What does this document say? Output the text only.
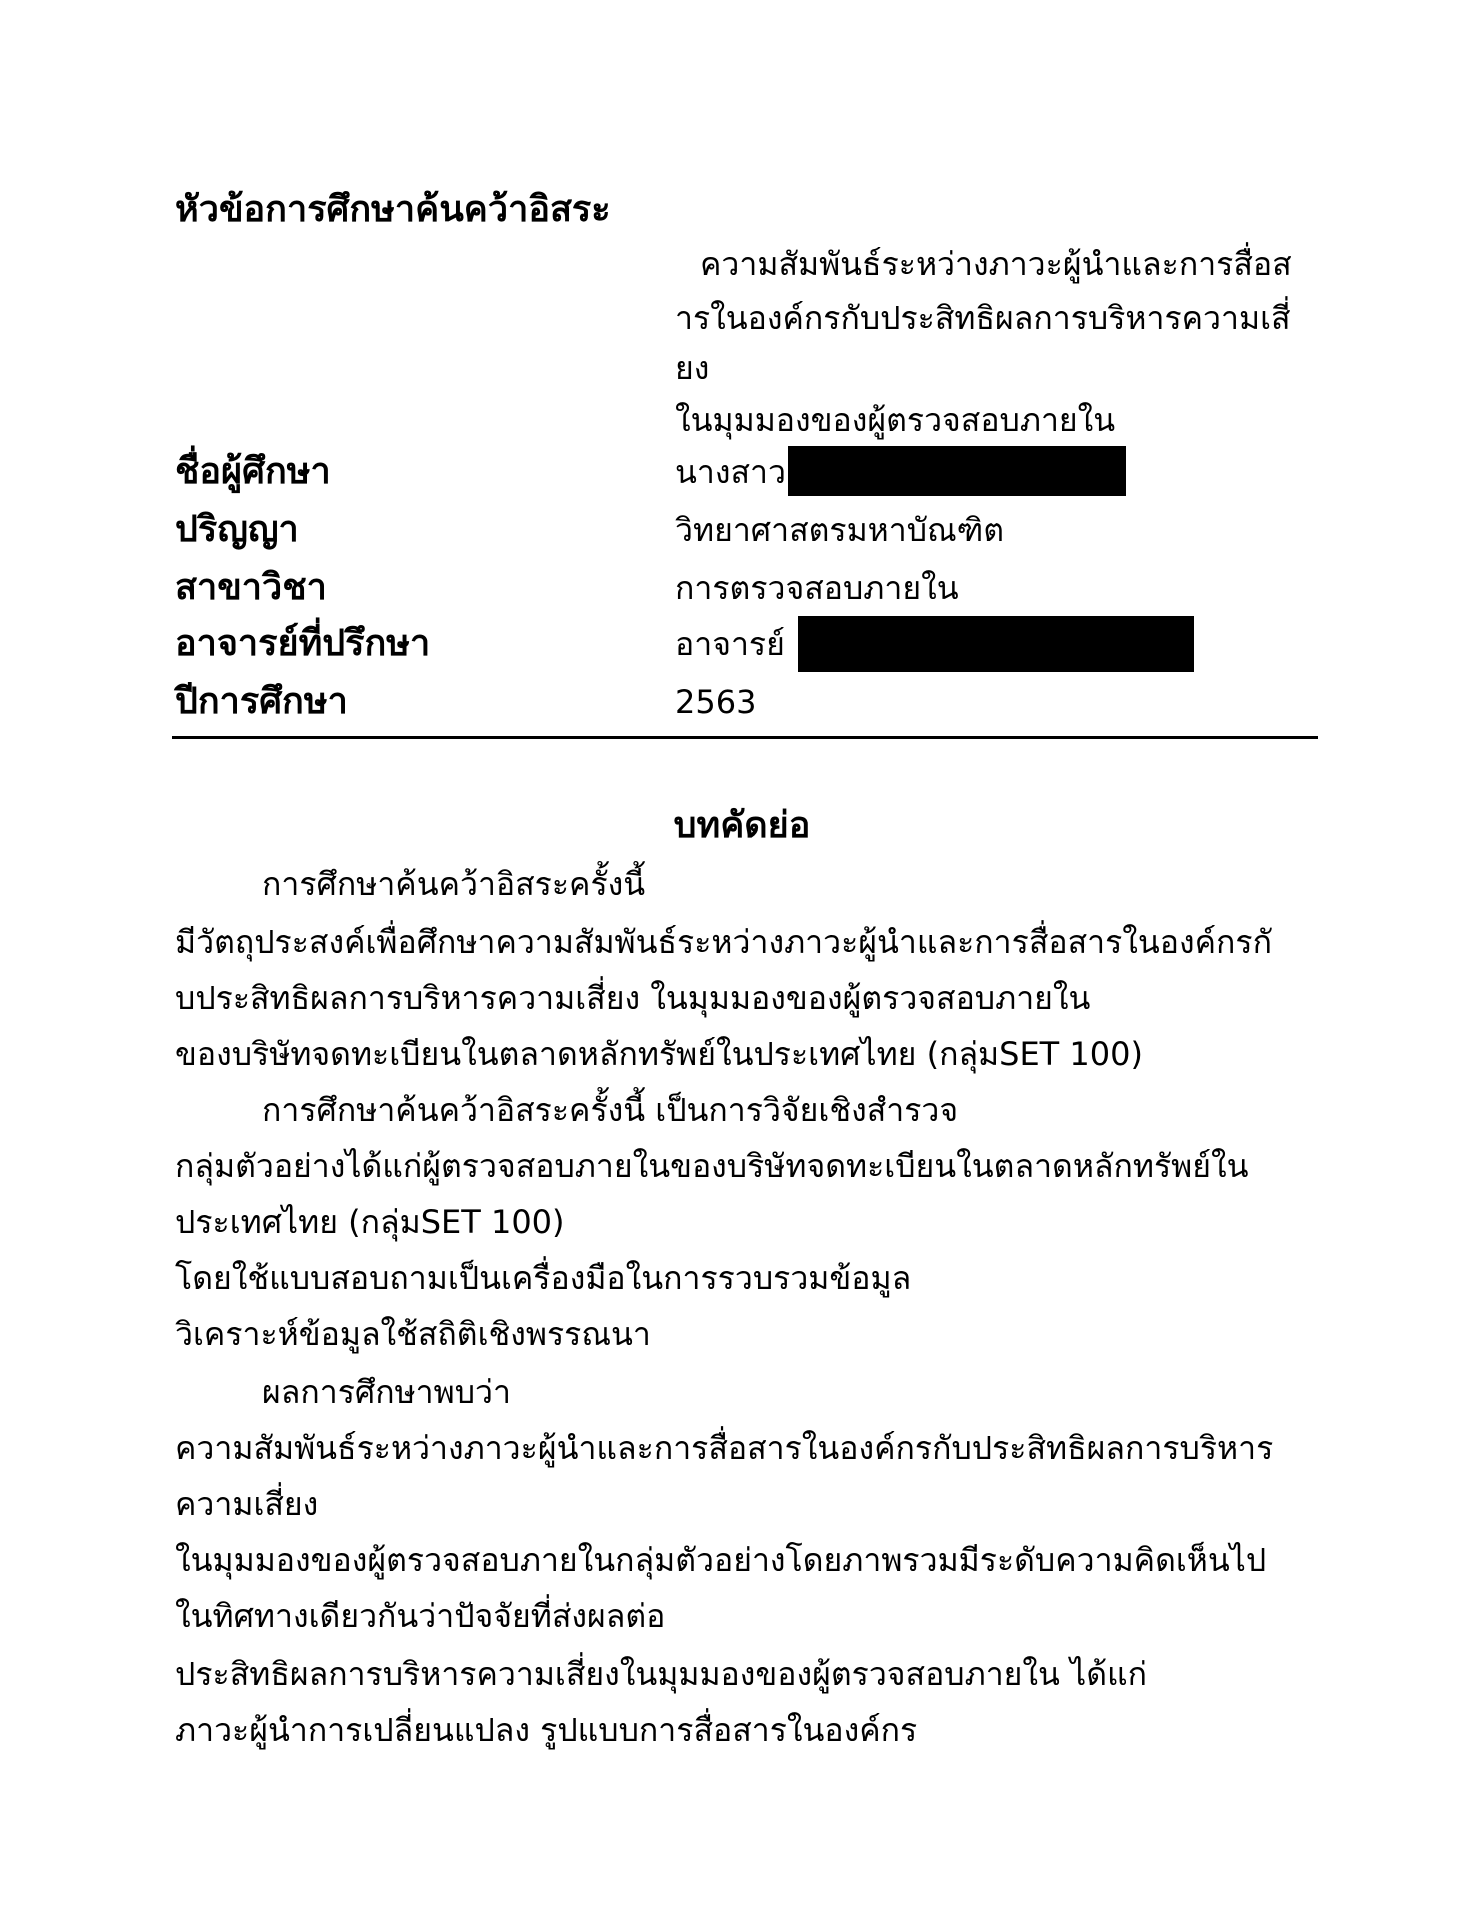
หัวข้อการศึกษาค้นคว้าอิสระ
ความสัมพันธ์ระหว่างภาวะผู้นำและการสื่อส
ารในองค์กรกับประสิทธิผลการบริหารความเสี่
ยง
ในมุมมองของผู้ตรวจสอบภายใน
ชื่อผู้ศึกษา	นางสาว
ปริญญา	วิทยาศาสตรมหาบัณฑิต
สาขาวิชา	การตรวจสอบภายใน
อาจารย์ที่ปรึกษา	อาจารย์
ปีการศึกษา	2563
บทคัดย่อ
การศึกษาค้นคว้าอิสระครั้งนี้
มีวัตถุประสงค์เพื่อศึกษาความสัมพันธ์ระหว่างภาวะผู้นำและการสื่อสารในองค์กรกั
บประสิทธิผลการบริหารความเสี่ยง ในมุมมองของผู้ตรวจสอบภายใน
ของบริษัทจดทะเบียนในตลาดหลักทรัพย์ในประเทศไทย (กลุ่มSET 100)
การศึกษาค้นคว้าอิสระครั้งนี้ เป็นการวิจัยเชิงสำรวจ
กลุ่มตัวอย่างได้แก่ผู้ตรวจสอบภายในของบริษัทจดทะเบียนในตลาดหลักทรัพย์ใน
ประเทศไทย (กลุ่มSET 100)
โดยใช้แบบสอบถามเป็นเครื่องมือในการรวบรวมข้อมูล
วิเคราะห์ข้อมูลใช้สถิติเชิงพรรณนา
ผลการศึกษาพบว่า
ความสัมพันธ์ระหว่างภาวะผู้นำและการสื่อสารในองค์กรกับประสิทธิผลการบริหาร
ความเสี่ยง
ในมุมมองของผู้ตรวจสอบภายในกลุ่มตัวอย่างโดยภาพรวมมีระดับความคิดเห็นไป
ในทิศทางเดียวกันว่าปัจจัยที่ส่งผลต่อ
ประสิทธิผลการบริหารความเสี่ยงในมุมมองของผู้ตรวจสอบภายใน ได้แก่
ภาวะผู้นำการเปลี่ยนแปลง รูปแบบการสื่อสารในองค์กร
